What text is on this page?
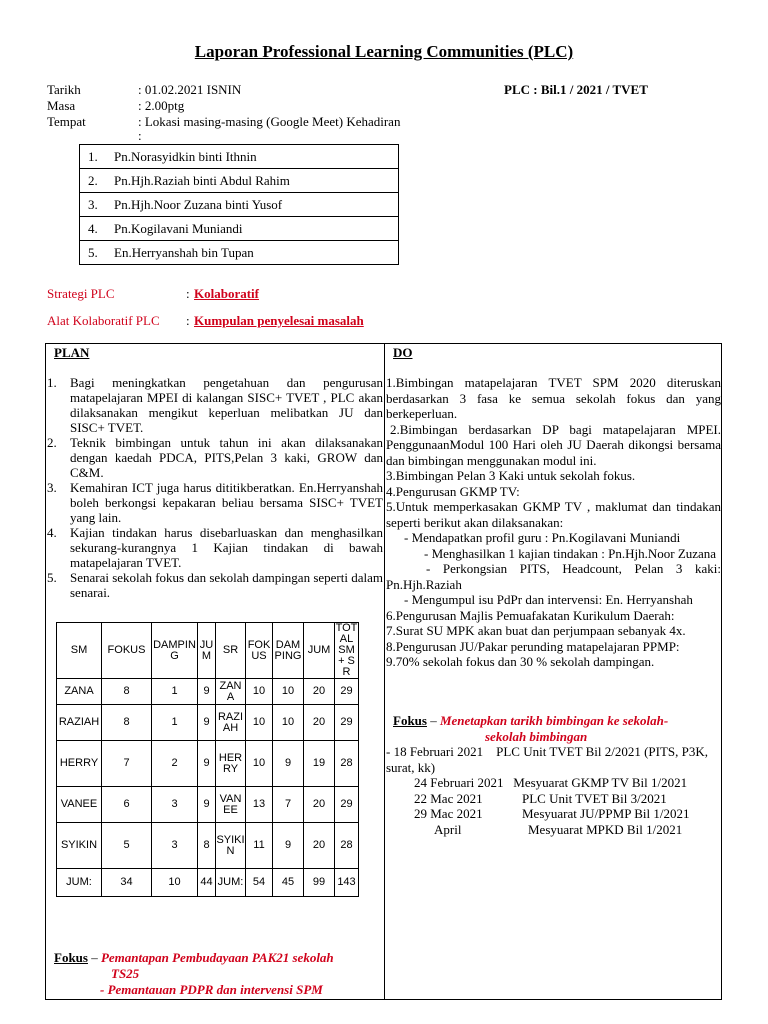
Laporan Professional Learning Communities (PLC)
Tarikh	: 01.02.2021 ISNIN
Masa	: 2.00ptg
Tempat	: Lokasi masing-masing (Google Meet) Kehadiran
:
PLC : Bil.1 / 2021 / TVET
1. Pn.Norasyidkin binti Ithnin
2. Pn.Hjh.Raziah binti Abdul Rahim
3. Pn.Hjh.Noor Zuzana binti Yusof
4. Pn.Kogilavani Muniandi
5. En.Herryanshah bin Tupan
Strategi PLC	: Kolaboratif
Alat Kolaboratif PLC : Kumpulan penyelesai masalah
PLAN	DO
1. Bagi meningkatkan pengetahuan dan pengurusan matapelajaran MPEI di kalangan SISC+ TVET , PLC akan dilaksanakan mengikut keperluan melibatkan JU dan SISC+ TVET.
2. Teknik bimbingan untuk tahun ini akan dilaksanakan dengan kaedah PDCA, PITS,Pelan 3 kaki, GROW dan C&M.
3. Kemahiran ICT juga harus dititikberatkan. En.Herryanshah boleh berkongsi kepakaran beliau bersama SISC+ TVET yang lain.
4. Kajian tindakan harus disebarluaskan dan menghasilkan sekurang-kurangnya 1 Kajian tindakan di bawah matapelajaran TVET.
5. Senarai sekolah fokus dan sekolah dampingan seperti dalam senarai.
SM	FOKUS	DAMPING	JUM	SR	FOKUS	DAMPING	JUM	TOTAL SM + SR
ZANA	8	1	9	ZANA	10	10	20	29
RAZIAH	8	1	9	RAZIAH	10	10	20	29
HERRY	7	2	9	HERRY	10	9	19	28
VANEE	6	3	9	VANEE	13	7	20	29
SYIKIN	5	3	8	SYIKIN	11	9	20	28
JUM:	34	10	44	JUM:	54	45	99	143
Fokus – Pemantapan Pembudayaan PAK21 sekolah
TS25
- Pemantauan PDPR dan intervensi SPM

1.Bimbingan matapelajaran TVET SPM 2020 diteruskan berdasarkan 3 fasa ke semua sekolah fokus dan yang berkeperluan.

2.Bimbingan berdasarkan DP bagi matapelajaran MPEI. PenggunaanModul 100 Hari oleh JU Daerah dikongsi bersama dan bimbingan menggunakan modul ini.

3.Bimbingan Pelan 3 Kaki untuk sekolah fokus.

4.Pengurusan GKMP TV:

5.Untuk memperkasakan GKMP TV , maklumat dan tindakan seperti berikut akan dilaksanakan:

- Mendapatkan profil guru : Pn.Kogilavani Muniandi

- Menghasilkan 1 kajian tindakan : Pn.Hjh.Noor Zuzana

- Perkongsian PITS, Headcount, Pelan 3 kaki: Pn.Hjh.Raziah

- Mengumpul isu PdPr dan intervensi: En. Herryanshah

6.Pengurusan Majlis Pemuafakatan Kurikulum Daerah:

7.Surat SU MPK akan buat dan perjumpaan sebanyak 4x.

8.Pengurusan JU/Pakar perunding matapelajaran PPMP:

9.70% sekolah fokus dan 30 % sekolah dampingan.

Fokus – Menetapkan tarikh bimbingan ke sekolah-
sekolah bimbingan
- 18 Februari 2021 PLC Unit TVET Bil 2/2021 (PITS, P3K, surat, kk)
24 Februari 2021 Mesyuarat GKMP TV Bil 1/2021
22 Mac 2021	PLC Unit TVET Bil 3/2021
29 Mac 2021	Mesyuarat JU/PPMP Bil 1/2021
April	Mesyuarat MPKD Bil 1/2021
